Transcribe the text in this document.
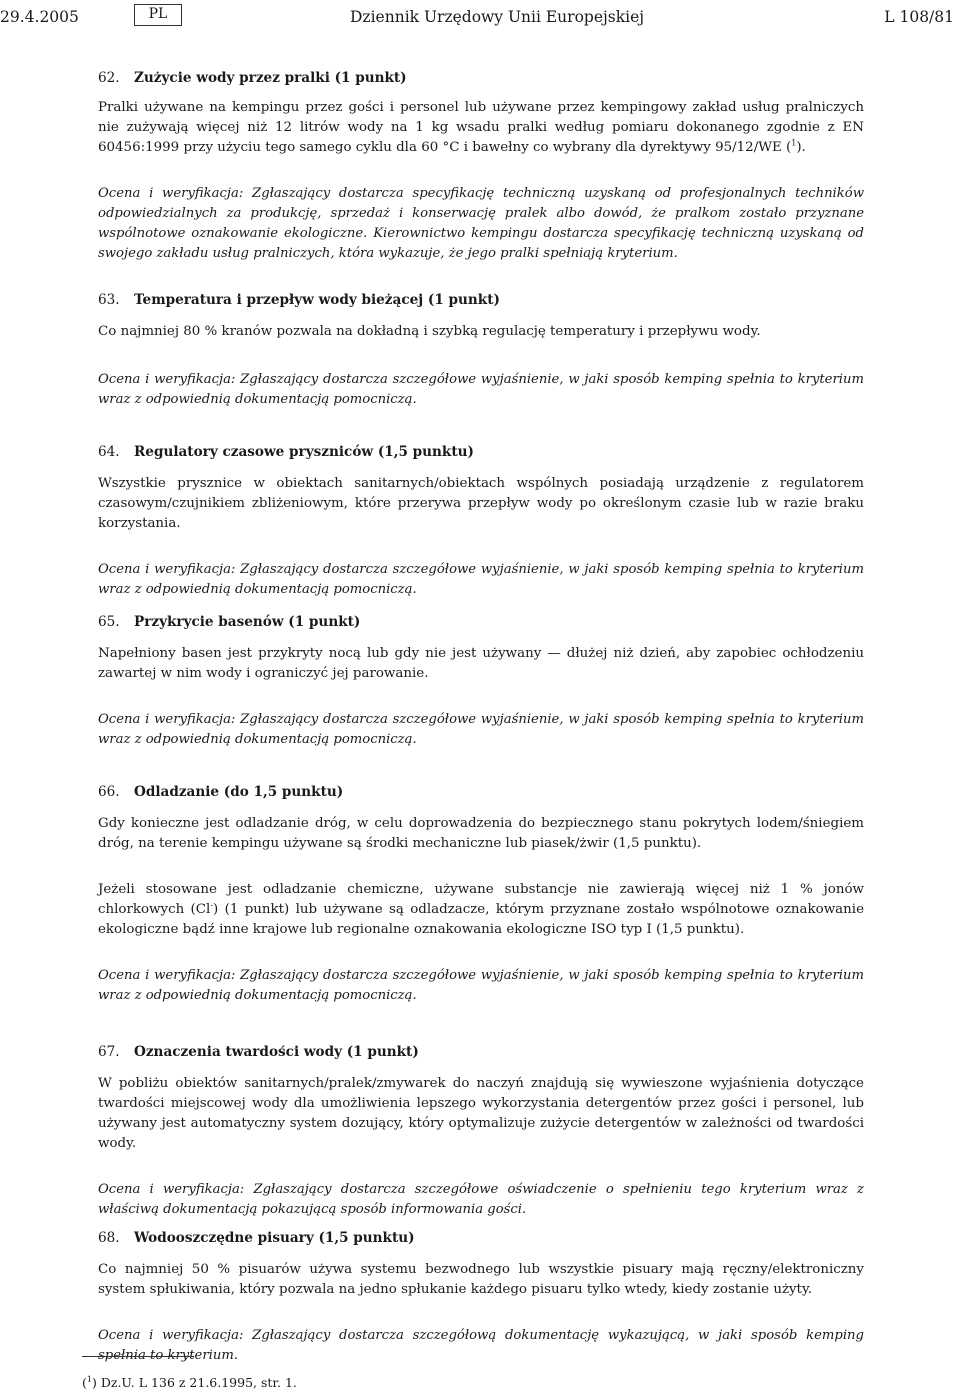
29.4.2005	PL	Dziennik Urzędowy Unii Europejskiej	L 108/81

62. Zużycie wody przez pralki (1 punkt)

Pralki używane na kempingu przez gości i personel lub używane przez kempingowy zakład usług pralniczych nie zużywają więcej niż 12 litrów wody na 1 kg wsadu pralki według pomiaru dokonanego zgodnie z EN 60456:1999 przy użyciu tego samego cyklu dla 60 °C i bawełny co wybrany dla dyrektywy 95/12/WE ($^1$).

Ocena i weryfikacja: Zgłaszający dostarcza specyfikację techniczną uzyskaną od profesjonalnych techników odpowiedzialnych za produkcję, sprzedaż i konserwację pralek albo dowód, że pralkom zostało przyznane wspólnotowe oznakowanie ekologiczne. Kierownictwo kempingu dostarcza specyfikację techniczną uzyskaną od swojego zakładu usług pralniczych, która wykazuje, że jego pralki spełniają kryterium.

63. Temperatura i przepływ wody bieżącej (1 punkt)

Co najmniej 80 % kranów pozwala na dokładną i szybką regulację temperatury i przepływu wody.

Ocena i weryfikacja: Zgłaszający dostarcza szczegółowe wyjaśnienie, w jaki sposób kemping spełnia to kryterium wraz z odpowiednią dokumentacją pomocniczą.

64. Regulatory czasowe pryszniców (1,5 punktu)

Wszystkie prysznice w obiektach sanitarnych/obiektach wspólnych posiadają urządzenie z regulatorem czasowym/czujnikiem zbliżeniowym, które przerywa przepływ wody po określonym czasie lub w razie braku korzystania.

Ocena i weryfikacja: Zgłaszający dostarcza szczegółowe wyjaśnienie, w jaki sposób kemping spełnia to kryterium wraz z odpowiednią dokumentacją pomocniczą.

65. Przykrycie basenów (1 punkt)

Napełniony basen jest przykryty nocą lub gdy nie jest używany — dłużej niż dzień, aby zapobiec ochłodzeniu zawartej w nim wody i ograniczyć jej parowanie.

Ocena i weryfikacja: Zgłaszający dostarcza szczegółowe wyjaśnienie, w jaki sposób kemping spełnia to kryterium wraz z odpowiednią dokumentacją pomocniczą.

66. Odladzanie (do 1,5 punktu)

Gdy konieczne jest odladzanie dróg, w celu doprowadzenia do bezpiecznego stanu pokrytych lodem/śniegiem dróg, na terenie kempingu używane są środki mechaniczne lub piasek/żwir (1,5 punktu).

Jeżeli stosowane jest odladzanie chemiczne, używane substancje nie zawierają więcej niż 1 % jonów chlorkowych (Cl-) (1 punkt) lub używane są odladzacze, którym przyznane zostało wspólnotowe oznakowanie ekologiczne bądź inne krajowe lub regionalne oznakowania ekologiczne ISO typ I (1,5 punktu).

Ocena i weryfikacja: Zgłaszający dostarcza szczegółowe wyjaśnienie, w jaki sposób kemping spełnia to kryterium wraz z odpowiednią dokumentacją pomocniczą.

67. Oznaczenia twardości wody (1 punkt)

W pobliżu obiektów sanitarnych/pralek/zmywarek do naczyń znajdują się wywieszone wyjaśnienia dotyczące twardości miejscowej wody dla umożliwienia lepszego wykorzystania detergentów przez gości i personel, lub używany jest automatyczny system dozujący, który optymalizuje zużycie detergentów w zależności od twardości wody.

Ocena i weryfikacja: Zgłaszający dostarcza szczegółowe oświadczenie o spełnieniu tego kryterium wraz z właściwą dokumentacją pokazującą sposób informowania gości.

68. Wodooszczędne pisuary (1,5 punktu)

Co najmniej 50 % pisuarów używa systemu bezwodnego lub wszystkie pisuary mają ręczny/elektroniczny system spłukiwania, który pozwala na jedno spłukanie każdego pisuaru tylko wtedy, kiedy zostanie użyty.

Ocena i weryfikacja: Zgłaszający dostarcza szczegółową dokumentację wykazującą, w jaki sposób kemping spełnia to kryterium.

($^1$) Dz.U. L 136 z 21.6.1995, str. 1.
